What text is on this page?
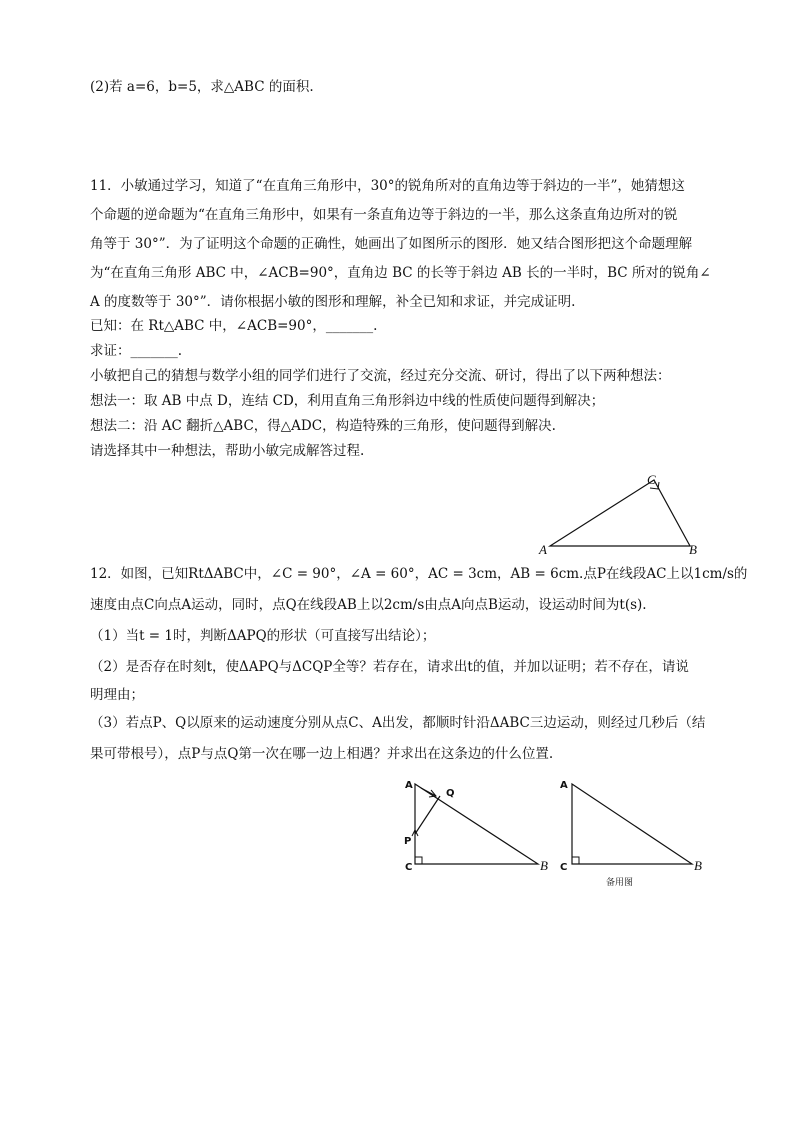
(2)若 a=6，b=5，求△ABC 的面积.
11．小敏通过学习，知道了“在直角三角形中，30°的锐角所对的直角边等于斜边的一半”，她猜想这
个命题的逆命题为“在直角三角形中，如果有一条直角边等于斜边的一半，那么这条直角边所对的锐
角等于 30°”．为了证明这个命题的正确性，她画出了如图所示的图形．她又结合图形把这个命题理解
为“在直角三角形 ABC 中，∠ACB=90°，直角边 BC 的长等于斜边 AB 长的一半时，BC 所对的锐角∠
A 的度数等于 30°”．请你根据小敏的图形和理解，补全已知和求证，并完成证明.
已知：在 Rt△ABC 中，∠ACB=90°，_______.
求证：_______.
小敏把自己的猜想与数学小组的同学们进行了交流，经过充分交流、研讨，得出了以下两种想法：
想法一：取 AB 中点 D，连结 CD，利用直角三角形斜边中线的性质使问题得到解决；
想法二：沿 AC 翻折△ABC，得△ADC，构造特殊的三角形，使问题得到解决.
请选择其中一种想法，帮助小敏完成解答过程.
12．如图，已知RtΔABC中，∠C = 90°，∠A = 60°，AC = 3cm，AB = 6cm.点P在线段AC上以1cm/s的
速度由点C向点A运动，同时，点Q在线段AB上以2cm/s由点A向点B运动，设运动时间为t(s).
（1）当t = 1时，判断ΔAPQ的形状（可直接写出结论）；
（2）是否存在时刻t，使ΔAPQ与ΔCQP全等？若存在，请求出t的值，并加以证明；若不存在，请说
明理由；
（3）若点P、Q以原来的运动速度分别从点C、A出发，都顺时针沿ΔABC三边运动，则经过几秒后（结
果可带根号），点P与点Q第一次在哪一边上相遇？并求出在这条边的什么位置.
A	B
C
A
C	B
P
Q
A
C	B
备用图
